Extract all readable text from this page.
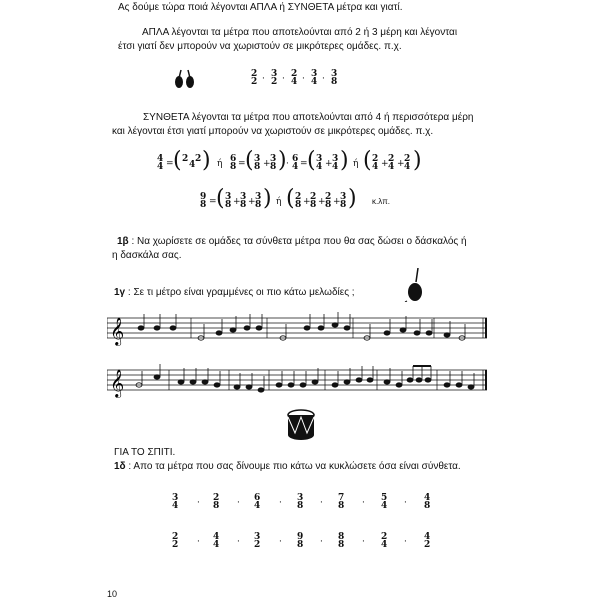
Ας δούμε τώρα ποιά λέγονται ΑΠΛΑ ή ΣΥΝΘΕΤΑ μέτρα και γιατί.
ΑΠΛΑ λέγονται τα μέτρα που αποτελούνται από 2 ή 3 μέρη και λέγονται
έτσι γιατί δεν μπορούν να χωριστούν σε μικρότερες ομάδες. π.χ.
2
2 · 3
2 · 2
4 · 3
4 · 3
8
ΣΥΝΘΕΤΑ λέγονται τα μέτρα που αποτελούνται από 4 ή περισσότερα μέρη
και λέγονται έτσι γιατί μπορούν να χωριστούν σε μικρότερες ομάδες. π.χ.
4
4 = ( 2
4
2 ) ή 6
8 = ( 3
8 + 3
8 ) · 6
4 = ( 3
4 + 3
4 ) ή ( 2
4 + 2
4 + 2
4 )
9
8 = ( 3
8 + 3
8 + 3
8 ) ή ( 2
8 + 2
8 + 2
8 + 3
8 ) κ.λπ.
1β : Να χωρίσετε σε ομάδες τα σύνθετα μέτρα που θα σας δώσει ο δάσκαλός ή
η δασκάλα σας.
1γ : Σε τι μέτρο είναι γραμμένες οι πιο κάτω μελωδίες ;
𝄞
𝄞
ΓΙΑ ΤΟ ΣΠΙΤΙ.
1δ : Απο τα μέτρα που σας δίνουμε πιο κάτω να κυκλώσετε όσα είναι σύνθετα.
3
4 · 2
8 · 6
4 · 3
8 · 7
8 · 5
4 · 4
8
2
2 · 4
4 · 3
2 · 9
8 · 8
8 · 2
4 · 4
2
10
